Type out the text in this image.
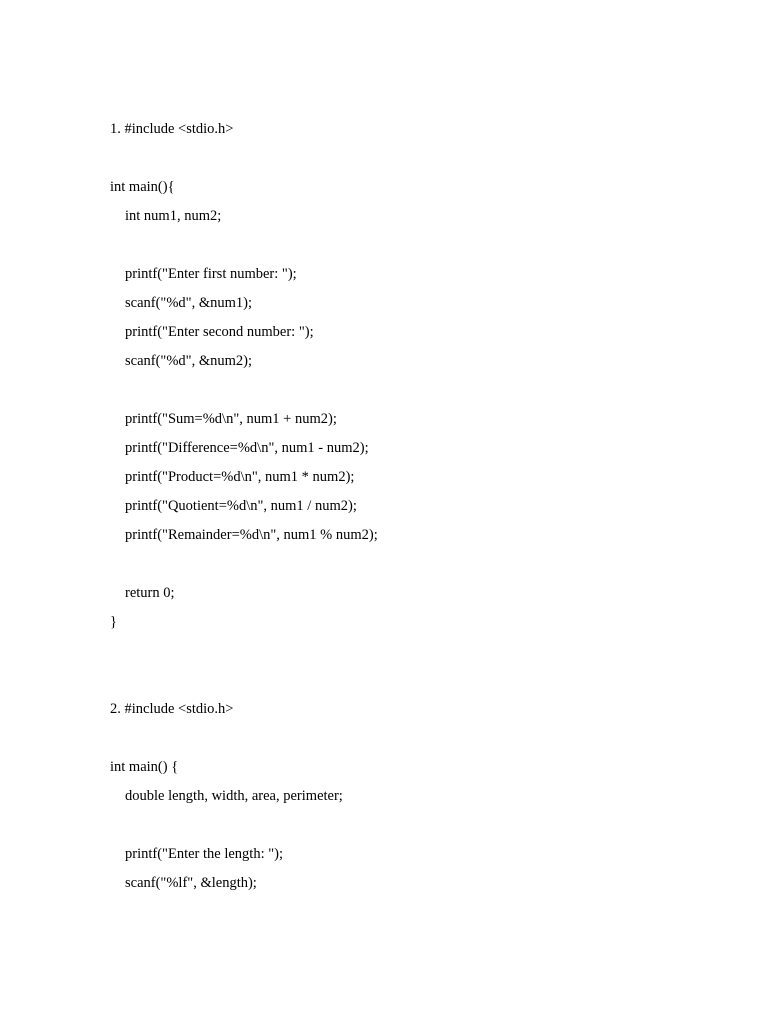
1. #include <stdio.h>
int main(){
int num1, num2;
printf("Enter first number: ");
scanf("%d", &num1);
printf("Enter second number: ");
scanf("%d", &num2);
printf("Sum=%d\n", num1 + num2);
printf("Difference=%d\n", num1 - num2);
printf("Product=%d\n", num1 * num2);
printf("Quotient=%d\n", num1 / num2);
printf("Remainder=%d\n", num1 % num2);
return 0;
}
2. #include <stdio.h>
int main() {
double length, width, area, perimeter;
printf("Enter the length: ");
scanf("%lf", &length);
